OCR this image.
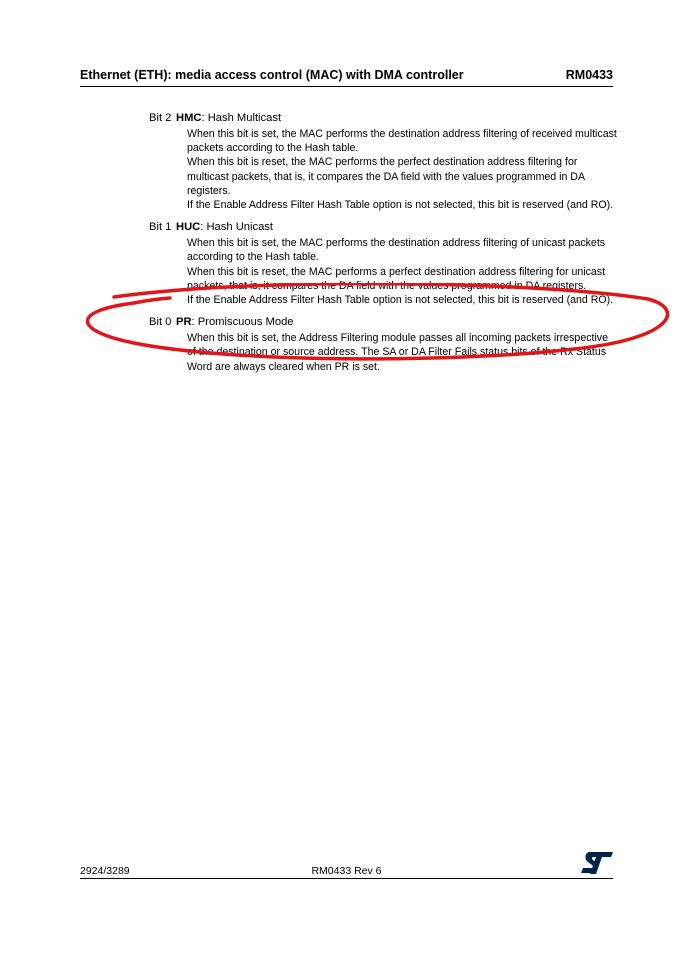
Ethernet (ETH): media access control (MAC) with DMA controller	RM0433
Bit 2 HMC: Hash Multicast

When this bit is set, the MAC performs the destination address filtering of received multicast packets according to the Hash table.

When this bit is reset, the MAC performs the perfect destination address filtering for multicast packets, that is, it compares the DA field with the values programmed in DA registers.

If the Enable Address Filter Hash Table option is not selected, this bit is reserved (and RO).

Bit 1 HUC: Hash Unicast

When this bit is set, the MAC performs the destination address filtering of unicast packets according to the Hash table.

When this bit is reset, the MAC performs a perfect destination address filtering for unicast packets, that is, it compares the DA field with the values programmed in DA registers.

If the Enable Address Filter Hash Table option is not selected, this bit is reserved (and RO).

Bit 0 PR: Promiscuous Mode

When this bit is set, the Address Filtering module passes all incoming packets irrespective of the destination or source address. The SA or DA Filter Fails status bits of the Rx Status Word are always cleared when PR is set.

2924/3289	RM0433 Rev 6
